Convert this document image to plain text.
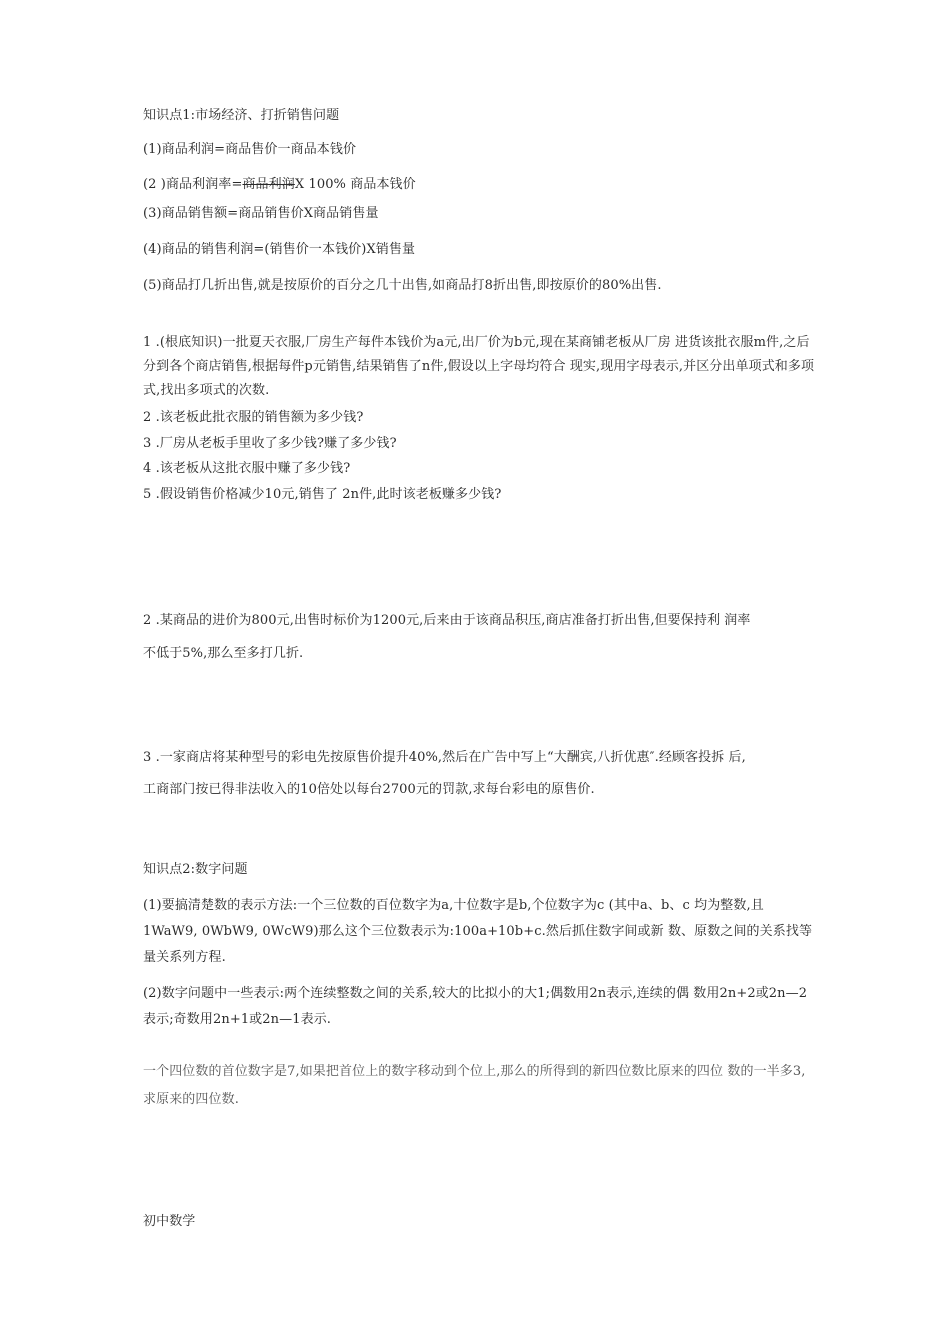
知识点1:市场经济、打折销售问题

(1)商品利润=商品售价一商品本钱价

(2 )商品利润率=商品利润X 100% 商品本钱价

(3)商品销售额=商品销售价X商品销售量

(4)商品的销售利润=(销售价一本钱价)X销售量

(5)商品打几折出售,就是按原价的百分之几十出售,如商品打8折出售,即按原价的80%出售.

1 .(根底知识)一批夏天衣服,厂房生产每件本钱价为a元,出厂价为b元,现在某商铺老板从厂房 进货该批衣服m件,之后分到各个商店销售,根据每件p元销售,结果销售了n件,假设以上字母均符合 现实,现用字母表示,并区分出单项式和多项式,找出多项式的次数.

2 .该老板此批衣服的销售额为多少钱?

3 .厂房从老板手里收了多少钱?赚了多少钱?

4 .该老板从这批衣服中赚了多少钱?

5 .假设销售价格减少10元,销售了 2n件,此时该老板赚多少钱?

2 .某商品的进价为800元,出售时标价为1200元,后来由于该商品积压,商店准备打折出售,但要保持利 润率

不低于5%,那么至多打几折.

3 .一家商店将某种型号的彩电先按原售价提升40%,然后在广告中写上“大酬宾,八折优惠″.经顾客投拆 后,

工商部门按已得非法收入的10倍处以每台2700元的罚款,求每台彩电的原售价.

知识点2:数字问题

(1)要搞清楚数的表示方法:一个三位数的百位数字为a,十位数字是b,个位数字为c (其中a、b、c 均为整数,且1WaW9, 0WbW9, 0WcW9)那么这个三位数表示为:100a+10b+c.然后抓住数字间或新 数、原数之间的关系找等量关系列方程.

(2)数字问题中一些表示:两个连续整数之间的关系,较大的比拟小的大1;偶数用2n表示,连续的偶 数用2n+2或2n—2表示;奇数用2n+1或2n—1表示.

一个四位数的首位数字是7,如果把首位上的数字移动到个位上,那么的所得到的新四位数比原来的四位 数的一半多3,求原来的四位数.

初中数学
